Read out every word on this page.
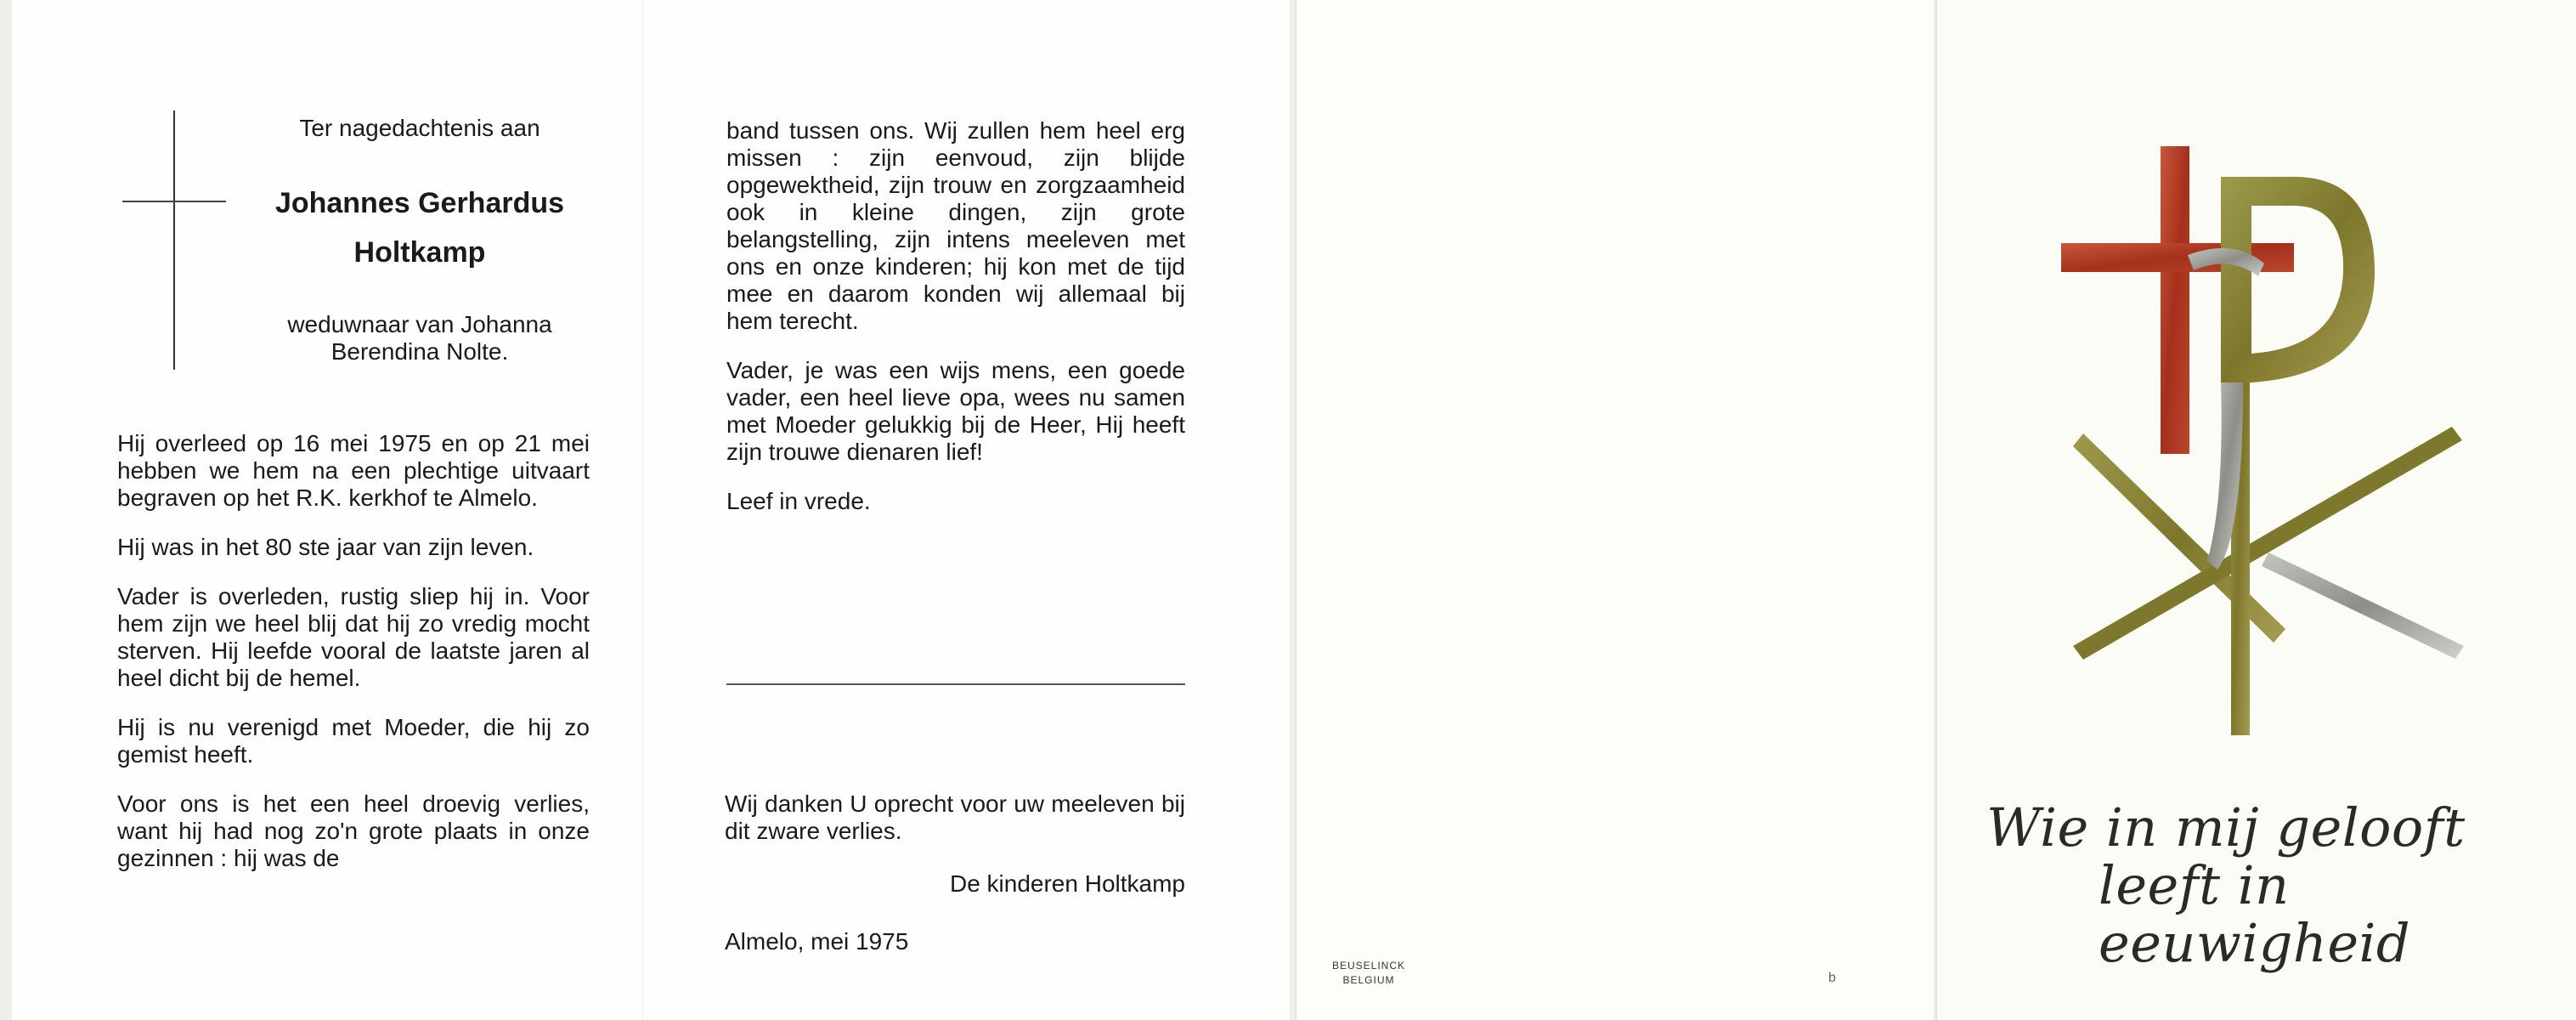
Ter nagedachtenis aan
Johannes Gerhardus
Holtkamp
weduwnaar van Johanna
Berendina Nolte.

Hij overleed op 16 mei 1975 en op 21 mei hebben we hem na een plechtige uitvaart begraven op het R.K. kerkhof te Almelo.

Hij was in het 80 ste jaar van zijn leven.

Vader is overleden, rustig sliep hij in. Voor hem zijn we heel blij dat hij zo vredig mocht sterven. Hij leefde vooral de laatste jaren al heel dicht bij de hemel.

Hij is nu verenigd met Moeder, die hij zo gemist heeft.

Voor ons is het een heel droevig verlies, want hij had nog zo'n grote plaats in onze gezinnen : hij was de

band tussen ons. Wij zullen hem heel erg missen : zijn eenvoud, zijn blijde opgewektheid, zijn trouw en zorgzaamheid ook in kleine dingen, zijn grote belangstelling, zijn intens meeleven met ons en onze kinderen; hij kon met de tijd mee en daarom konden wij allemaal bij hem terecht.

Vader, je was een wijs mens, een goede vader, een heel lieve opa, wees nu samen met Moeder gelukkig bij de Heer, Hij heeft zijn trouwe dienaren lief!

Leef in vrede.

Wij danken U oprecht voor uw meeleven bij dit zware verlies.

De kinderen Holtkamp
Almelo, mei 1975
BEUSELINCK
BELGIUM	b
Wie in mij gelooft
leeft in eeuwigheid
